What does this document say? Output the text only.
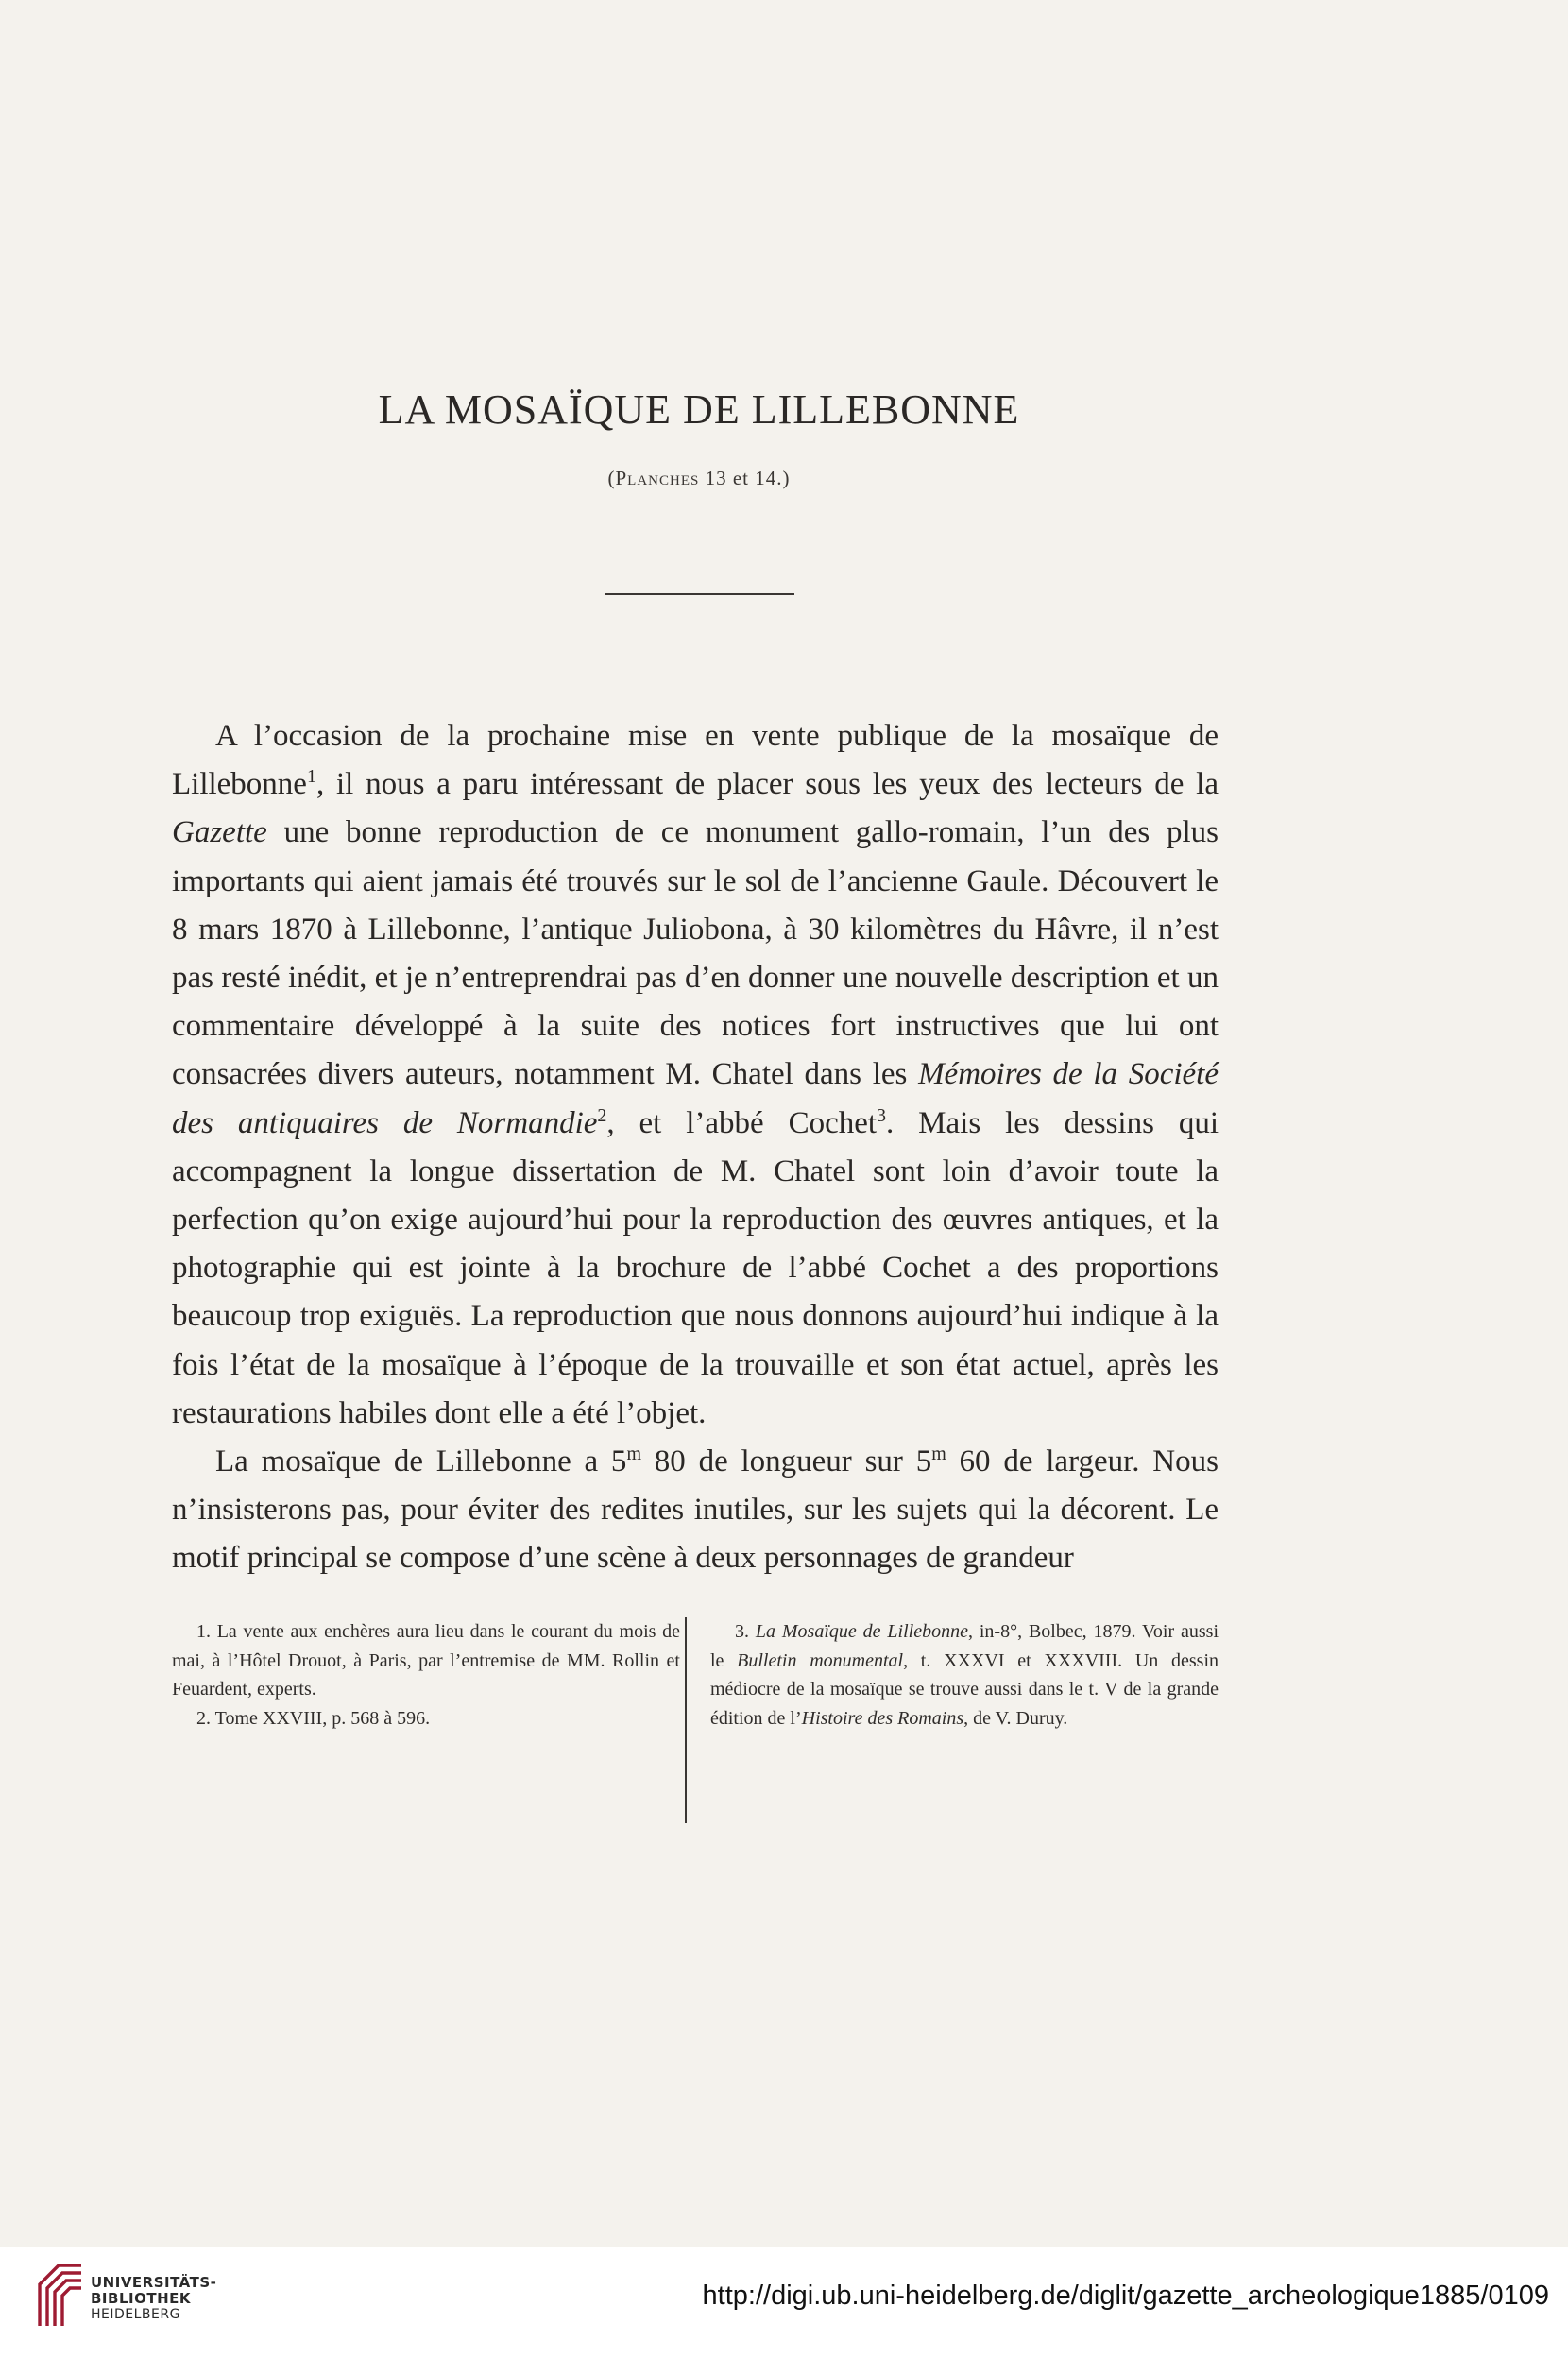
LA MOSAÏQUE DE LILLEBONNE
(Planches 13 et 14.)

A l’occasion de la prochaine mise en vente publique de la mosaïque de Lillebonne$^1$, il nous a paru intéressant de placer sous les yeux des lecteurs de la Gazette une bonne reproduction de ce monument gallo-romain, l’un des plus importants qui aient jamais été trouvés sur le sol de l’ancienne Gaule. Découvert le 8 mars 1870 à Lillebonne, l’antique Juliobona, à 30 kilomètres du Hâvre, il n’est pas resté inédit, et je n’entreprendrai pas d’en donner une nouvelle description et un commentaire développé à la suite des notices fort instructives que lui ont consacrées divers auteurs, notamment M. Chatel dans les Mémoires de la Société des antiquaires de Normandie$^2$, et l’abbé Cochet$^3$. Mais les dessins qui accompagnent la longue dissertation de M. Chatel sont loin d’avoir toute la perfection qu’on exige aujourd’hui pour la reproduction des œuvres antiques, et la photographie qui est jointe à la brochure de l’abbé Cochet a des proportions beaucoup trop exiguës. La reproduction que nous donnons aujourd’hui indique à la fois l’état de la mosaïque à l’époque de la trouvaille et son état actuel, après les restaurations habiles dont elle a été l’objet.

La mosaïque de Lillebonne a 5$^m$ 80 de longueur sur 5$^m$ 60 de largeur. Nous n’insisterons pas, pour éviter des redites inutiles, sur les sujets qui la décorent. Le motif principal se compose d’une scène à deux personnages de grandeur

1. La vente aux enchères aura lieu dans le courant du mois de mai, à l’Hôtel Drouot, à Paris, par l’entremise de MM. Rollin et Feuardent, experts.

2. Tome XXVIII, p. 568 à 596.

3. La Mosaïque de Lillebonne, in-8°, Bolbec, 1879. Voir aussi le Bulletin monumental, t. XXXVI et XXXVIII. Un dessin médiocre de la mosaïque se trouve aussi dans le t. V de la grande édition de l’Histoire des Romains, de V. Duruy.

UNIVERSITÄTS-
BIBLIOTHEK
HEIDELBERG
http://digi.ub.uni-heidelberg.de/diglit/gazette_archeologique1885/0109
